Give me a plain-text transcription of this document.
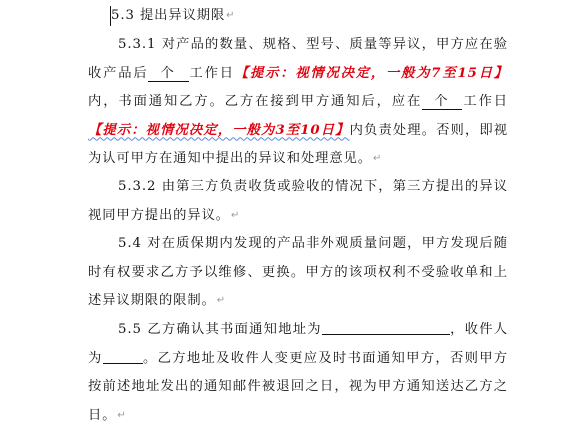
5.3 提出异议期限↵
5.3.1 对产品的数量、规格、型号、质量等异议，甲方应在验收产品后 个 工作日【提示：视情况决定，一般为7至15日】内，书面通知乙方。乙方在接到甲方通知后，应在 个 工作日【提示：视情况决定，一般为3至10日】内负责处理。否则，即视为认可甲方在通知中提出的异议和处理意见。↵
5.3.2 由第三方负责收货或验收的情况下，第三方提出的异议视同甲方提出的异议。↵
5.4 对在质保期内发现的产品非外观质量问题，甲方发现后随时有权要求乙方予以维修、更换。甲方的该项权利不受验收单和上述异议期限的限制。↵
5.5 乙方确认其书面通知地址为	，收件人为	。乙方地址及收件人变更应及时书面通知甲方，否则甲方按前述地址发出的通知邮件被退回之日，视为甲方通知送达乙方之日。↵
